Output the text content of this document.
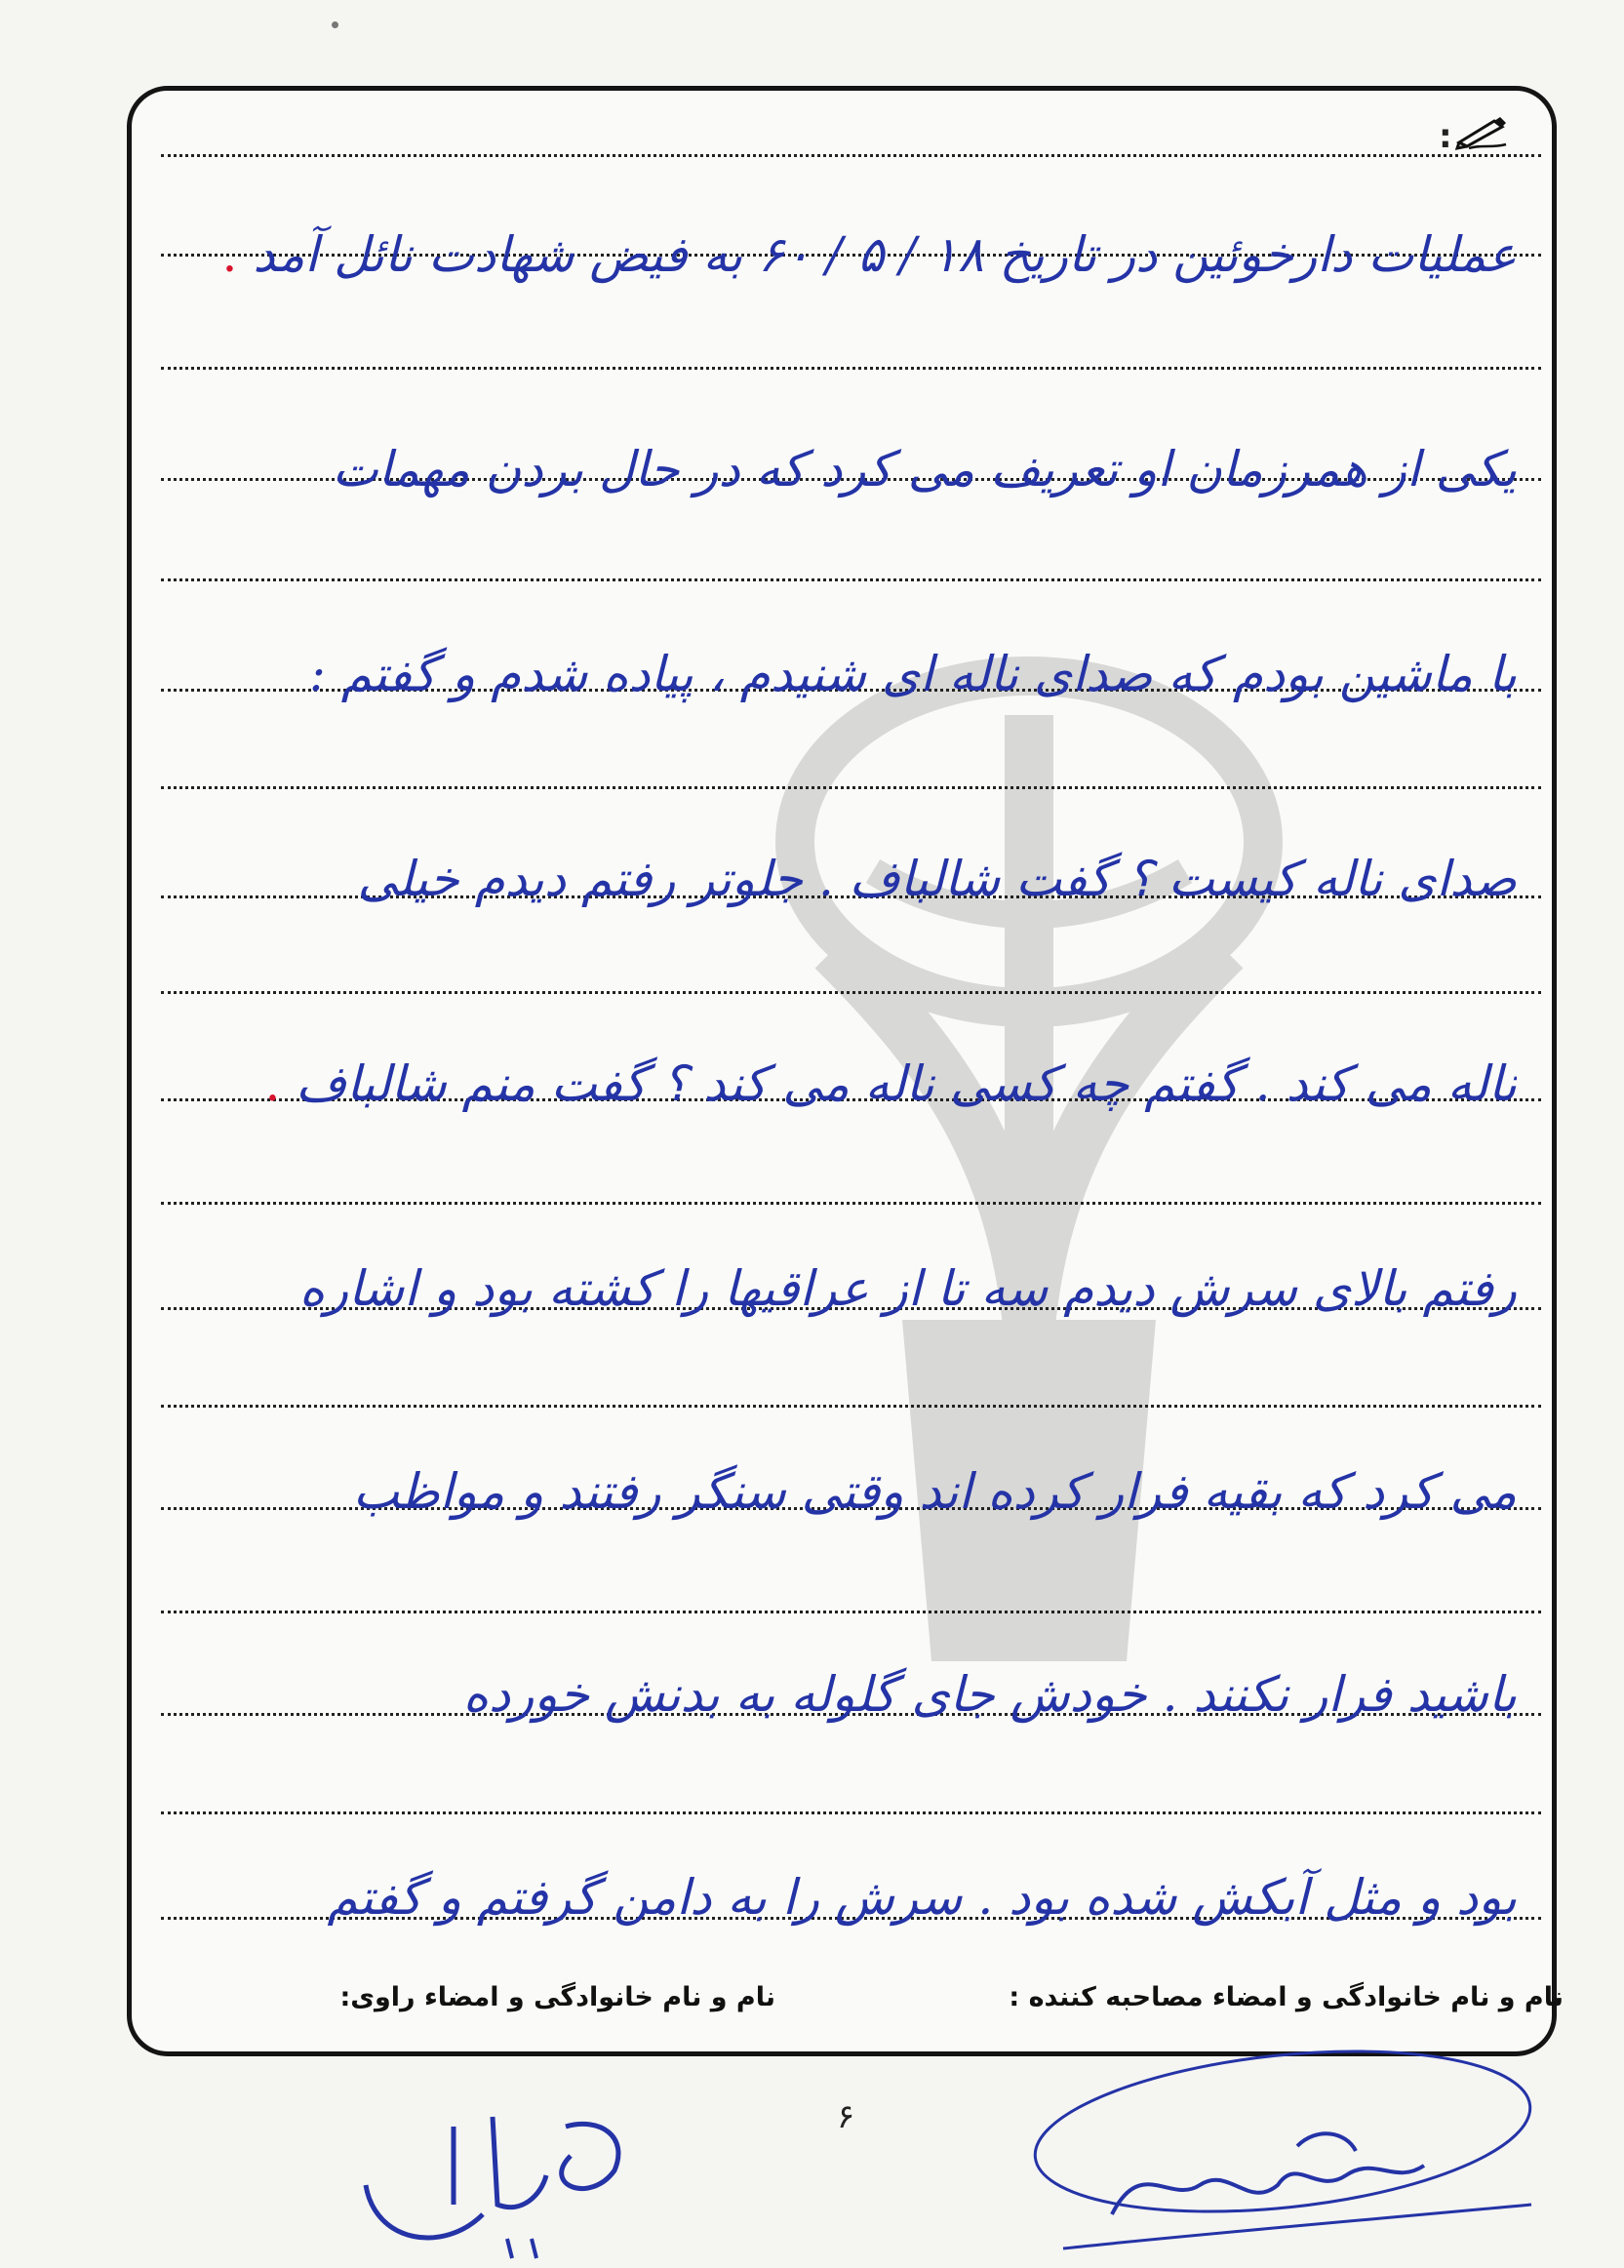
:
عملیات دارخوئین در تاریخ ۱۸ / ۵ / ۶۰ به فیض شهادت نائل آمد .
یکی از همرزمان او تعریف می کرد که در حال بردن مهمات
با ماشین بودم که صدای ناله ای شنیدم ، پیاده شدم و گفتم :
صدای ناله کیست ؟ گفت شالباف . جلوتر رفتم دیدم خیلی
ناله می کند . گفتم چه کسی ناله می کند ؟ گفت منم شالباف .
رفتم بالای سرش دیدم سه تا از عراقیها را کشته بود و اشاره
می کرد که بقیه فرار کرده اند وقتی سنگر رفتند و مواظب
باشید فرار نکنند . خودش جای گلوله به بدنش خورده
بود و مثل آبکش شده بود . سرش را به دامن گرفتم و گفتم
نام و نام خانوادگی و امضاء مصاحبه کننده :
نام و نام خانوادگی و امضاء راوی:
۶
